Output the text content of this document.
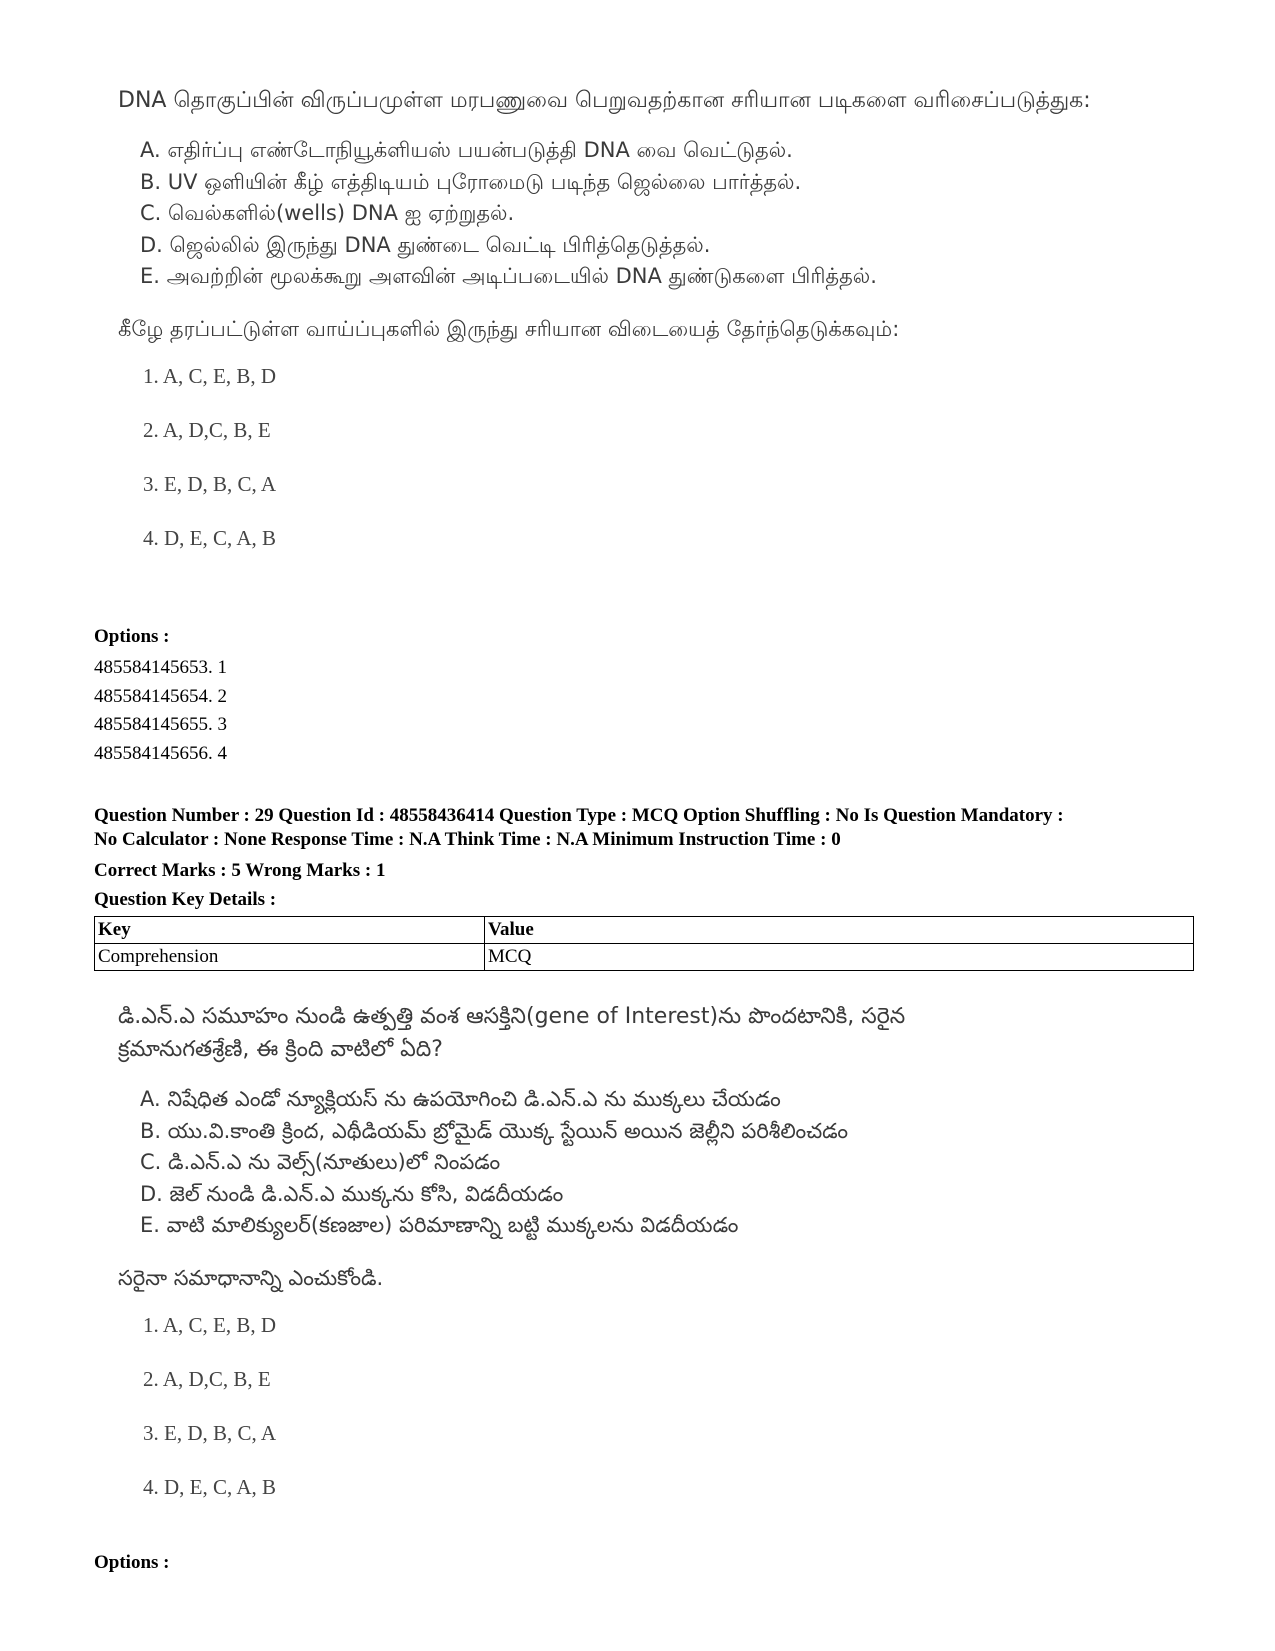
DNA தொகுப்பின் விருப்பமுள்ள மரபணுவை பெறுவதற்கான சரியான படிகளை வரிசைப்படுத்துக:
A. எதிர்ப்பு எண்டோநியூக்ளியஸ் பயன்படுத்தி DNA வை வெட்டுதல்.
B. UV ஒளியின் கீழ் எத்திடியம் புரோமைடு படிந்த ஜெல்லை பார்த்தல்.
C. வெல்களில்(wells) DNA ஐ ஏற்றுதல்.
D. ஜெல்லில் இருந்து DNA துண்டை வெட்டி பிரித்தெடுத்தல்.
E. அவற்றின் மூலக்கூறு அளவின் அடிப்படையில் DNA துண்டுகளை பிரித்தல்.
கீழே தரப்பட்டுள்ள வாய்ப்புகளில் இருந்து சரியான விடையைத் தேர்ந்தெடுக்கவும்:
1. A, C, E, B, D
2. A, D,C, B, E
3. E, D, B, C, A
4. D, E, C, A, B
Options :
485584145653. 1
485584145654. 2
485584145655. 3
485584145656. 4
Question Number : 29 Question Id : 48558436414 Question Type : MCQ Option Shuffling : No Is Question Mandatory :
No Calculator : None Response Time : N.A Think Time : N.A Minimum Instruction Time : 0
Correct Marks : 5 Wrong Marks : 1
Question Key Details :
Key	Value
Comprehension	MCQ
డి.ఎన్.ఎ సమూహం నుండి ఉత్పత్తి వంశ ఆసక్తిని(gene of Interest)ను పొందటానికి, సరైన క్రమానుగతశ్రేణి, ఈ క్రింది వాటిలో ఏది?
A. నిషేధిత ఎండో న్యూక్లియస్ ను ఉపయోగించి డి.ఎన్.ఎ ను ముక్కలు చేయడం
B. యు.వి.కాంతి క్రింద, ఎథీడియమ్ బ్రోమైడ్ యొక్క స్టేయిన్ అయిన జెల్లీని పరిశీలించడం
C. డి.ఎన్.ఎ ను వెల్స్(నూతులు)లో నింపడం
D. జెల్ నుండి డి.ఎన్.ఎ ముక్కను కోసి, విడదీయడం
E. వాటి మాలిక్యులర్(కణజాల) పరిమాణాన్ని బట్టి ముక్కలను విడదీయడం
సరైనా సమాధానాన్ని ఎంచుకోండి.
1. A, C, E, B, D
2. A, D,C, B, E
3. E, D, B, C, A
4. D, E, C, A, B
Options :
